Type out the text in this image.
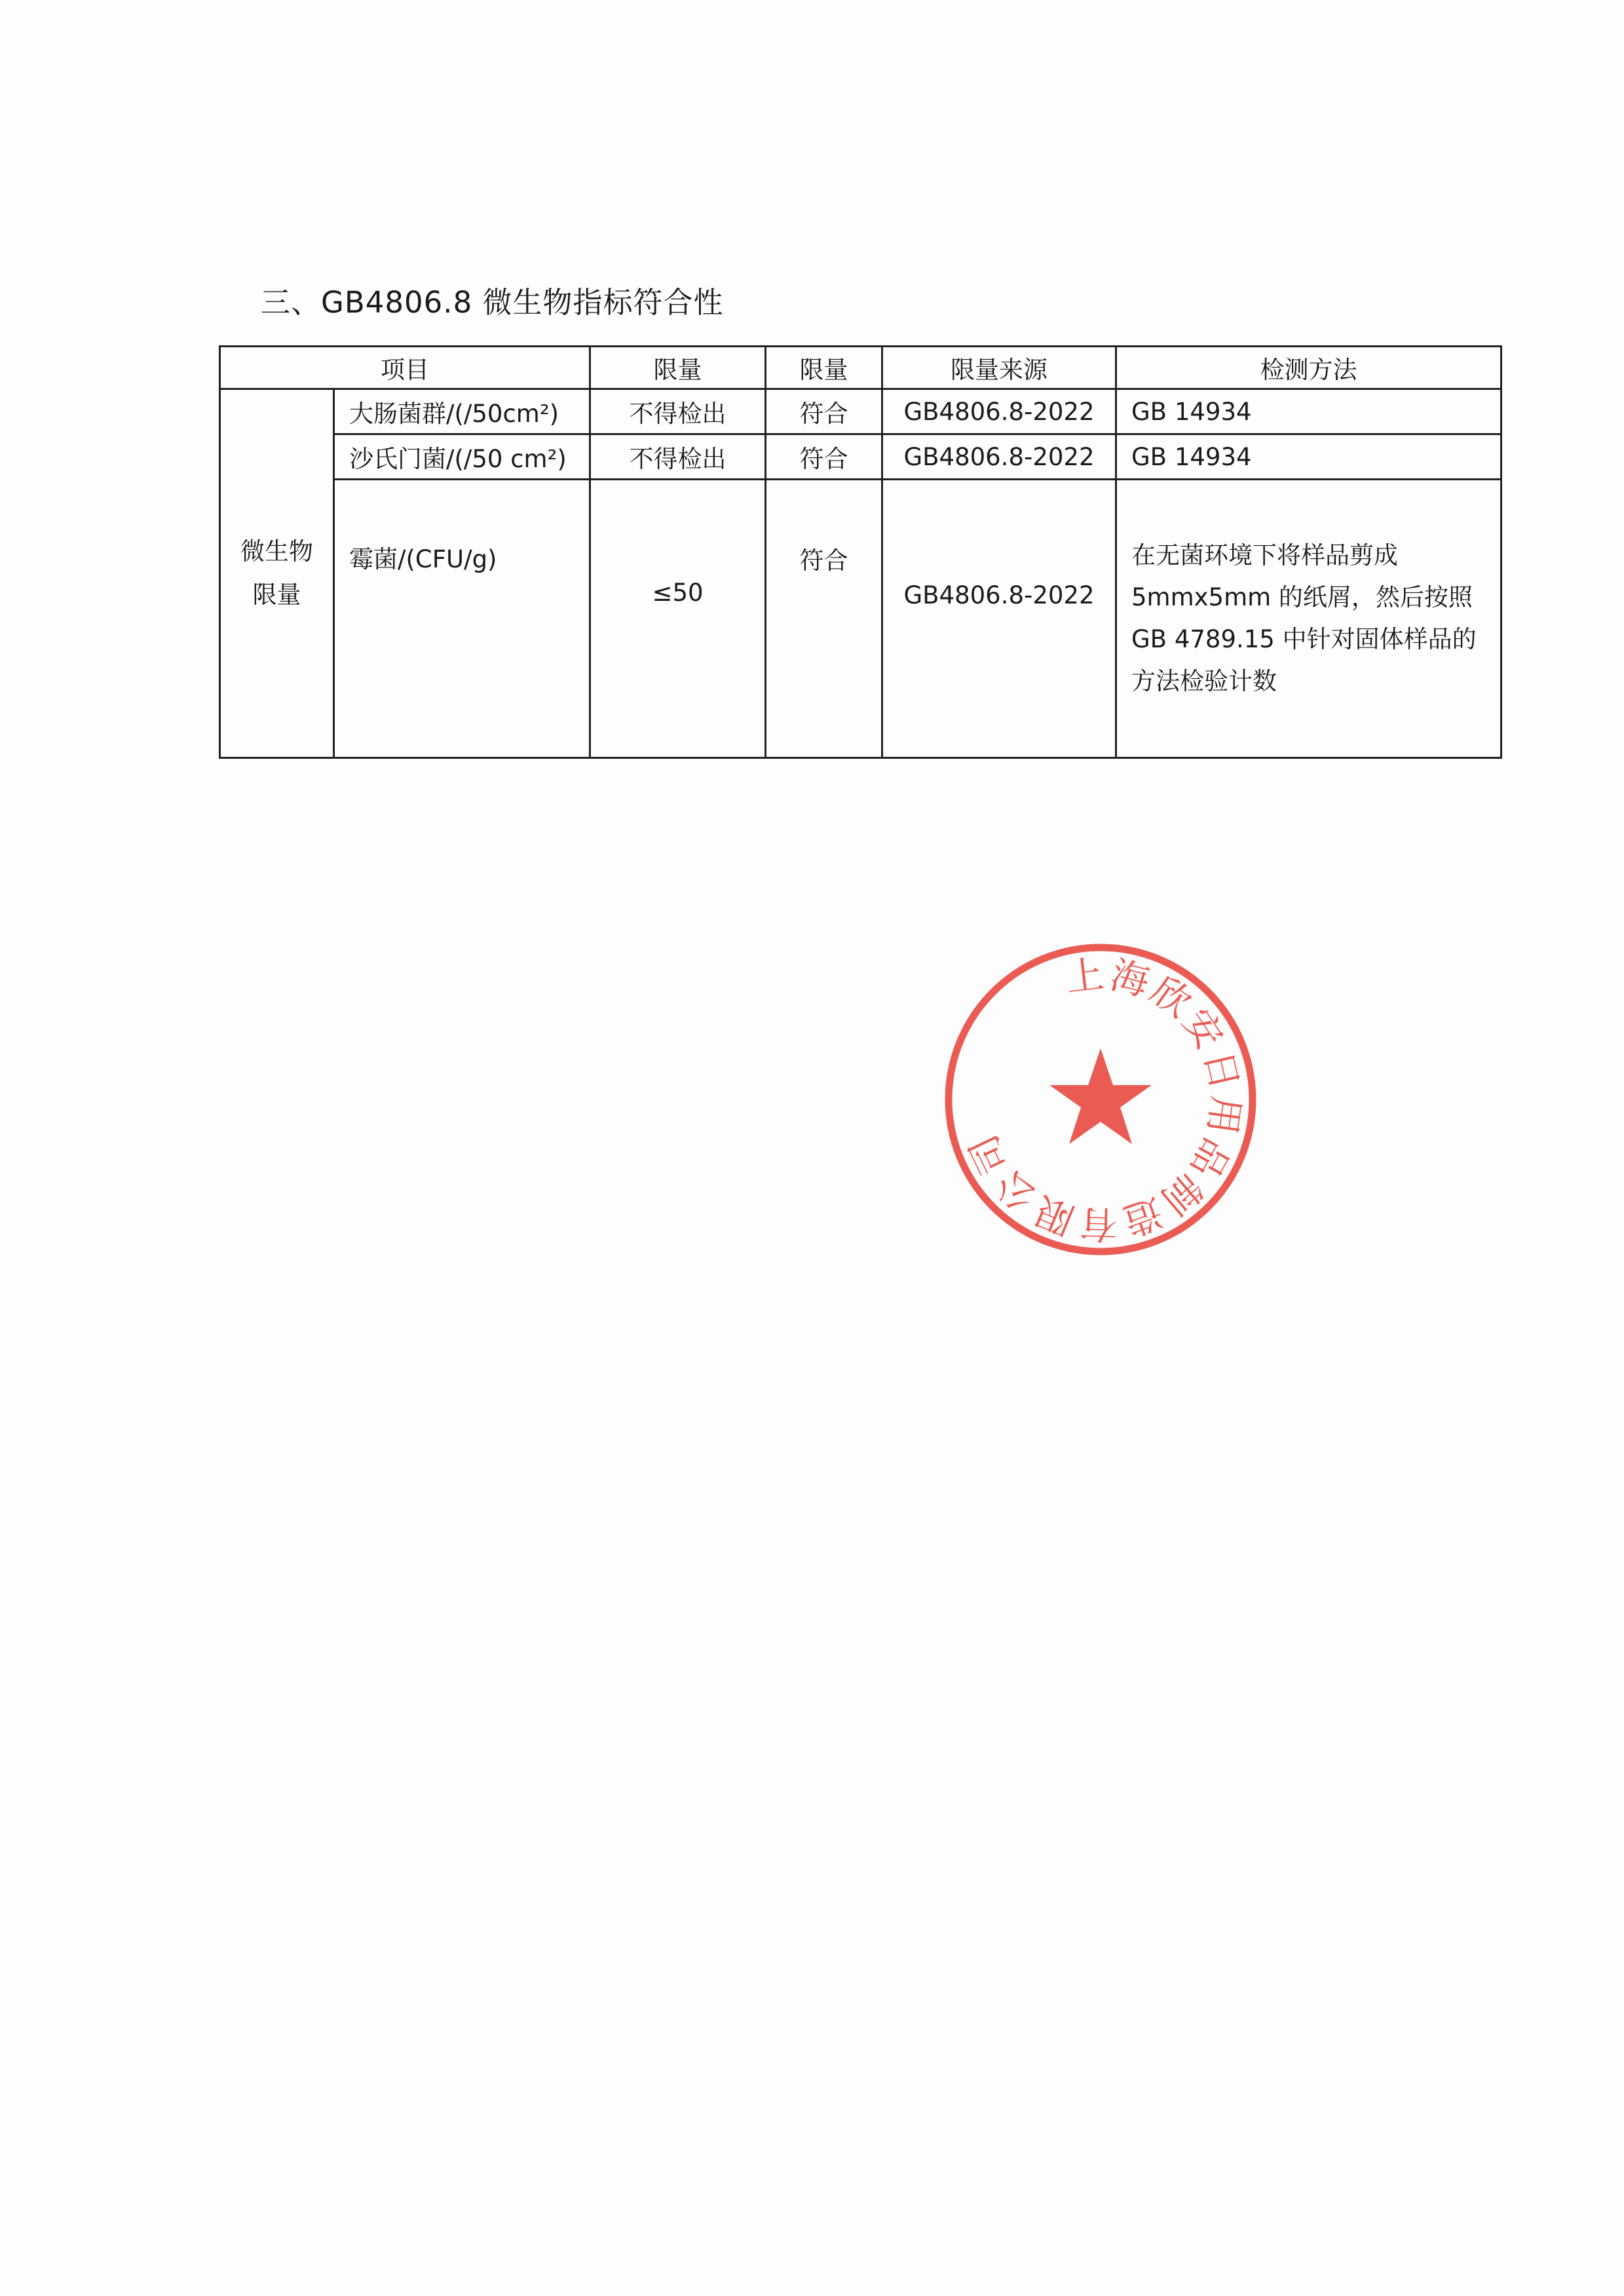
三、GB4806.8 微生物指标符合性
项目		限量	限量	限量来源	检测方法

微生物
限量	大肠菌群/(/50cm²)	不得检出	符合	GB4806.8-2022	GB 14934
	沙氏门菌/(/50 cm²)	不得检出	符合	GB4806.8-2022	GB 14934
	霉菌/(CFU/g)	≤50	符合	GB4806.8-2022	在无菌环境下将样品剪成
5mmx5mm 的纸屑，然后按照
GB 4789.15 中针对固体样品的
方法检验计数
上海欣安日用品制造有限公司
